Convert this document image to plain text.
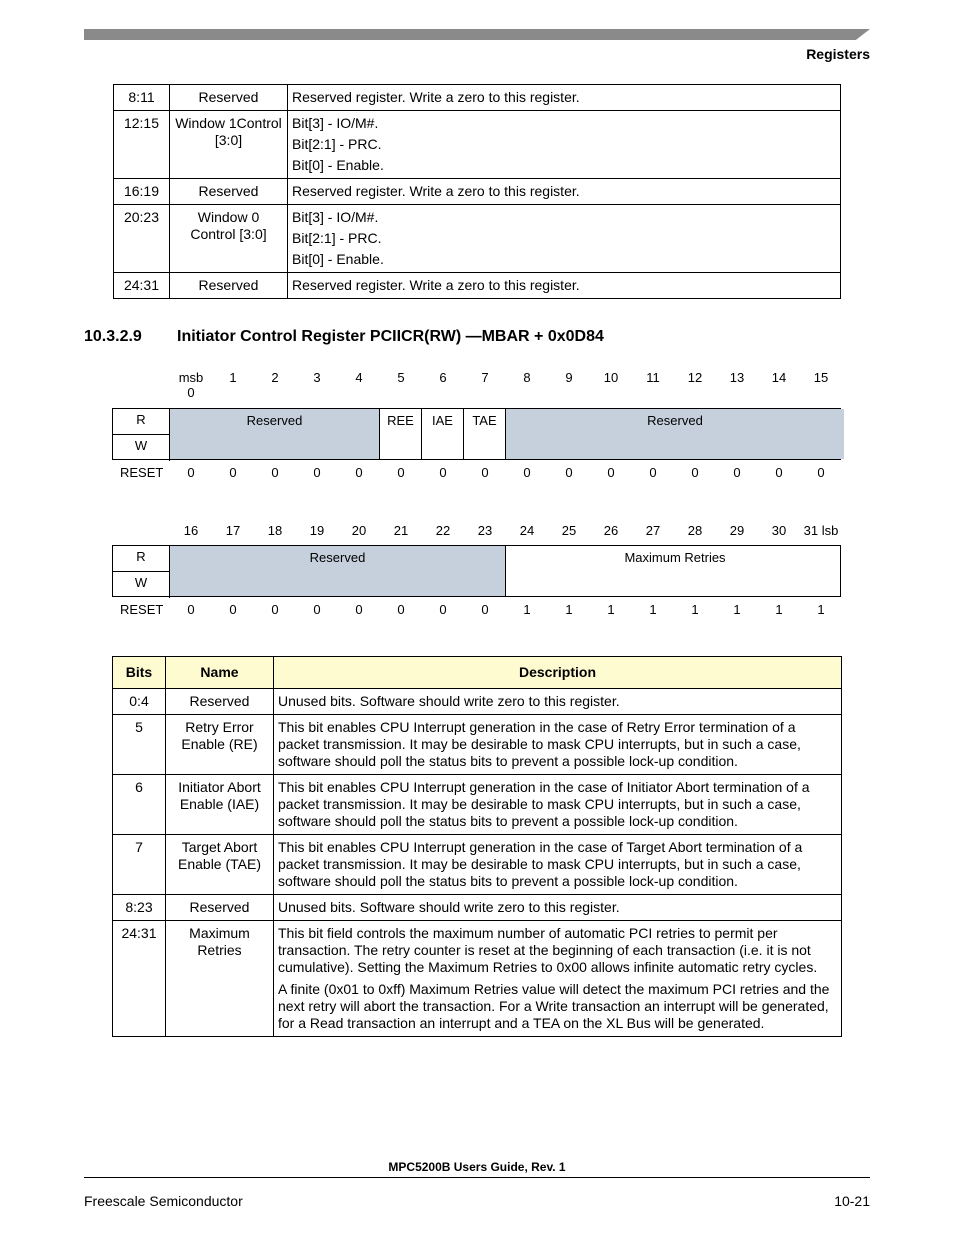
Registers
8:11	Reserved	Reserved register. Write a zero to this register.

12:15	Window 1Control [3:0]	Bit[3] - IO/M#.

Bit[2:1] - PRC.

Bit[0] - Enable.

16:19	Reserved	Reserved register. Write a zero to this register.

20:23	Window 0 Control [3:0]	Bit[3] - IO/M#.

Bit[2:1] - PRC.

Bit[0] - Enable.

24:31	Reserved	Reserved register. Write a zero to this register.

10.3.2.9 Initiator Control Register PCIICR(RW) —MBAR + 0x0D84
msb
0
1	2	3	4	5	6	7	8	9	10	11	12	13	14	15
R
W
Reserved	REE	IAE	TAE	Reserved
RESET	0	0	0	0	0	0	0	0	0	0	0	0	0	0	0	0
16	17	18	19	20	21	22	23	24	25	26	27	28	29	30	31 lsb
R
W
Reserved	Maximum Retries
RESET	0	0	0	0	0	0	0	0	1	1	1	1	1	1	1	1
Bits	Name	Description
0:4	Reserved	Unused bits. Software should write zero to this register.

5	Retry Error Enable (RE)	This bit enables CPU Interrupt generation in the case of Retry Error termination of a packet transmission. It may be desirable to mask CPU interrupts, but in such a case, software should poll the status bits to prevent a possible lock-up condition.

6	Initiator Abort Enable (IAE)	This bit enables CPU Interrupt generation in the case of Initiator Abort termination of a packet transmission. It may be desirable to mask CPU interrupts, but in such a case, software should poll the status bits to prevent a possible lock-up condition.

7	Target Abort Enable (TAE)	This bit enables CPU Interrupt generation in the case of Target Abort termination of a packet transmission. It may be desirable to mask CPU interrupts, but in such a case, software should poll the status bits to prevent a possible lock-up condition.

8:23	Reserved	Unused bits. Software should write zero to this register.

24:31	Maximum Retries	This bit field controls the maximum number of automatic PCI retries to permit per transaction. The retry counter is reset at the beginning of each transaction (i.e. it is not cumulative). Setting the Maximum Retries to 0x00 allows infinite automatic retry cycles.

A finite (0x01 to 0xff) Maximum Retries value will detect the maximum PCI retries and the next retry will abort the transaction. For a Write transaction an interrupt will be generated, for a Read transaction an interrupt and a TEA on the XL Bus will be generated.

MPC5200B Users Guide, Rev. 1
Freescale Semiconductor	10-21
